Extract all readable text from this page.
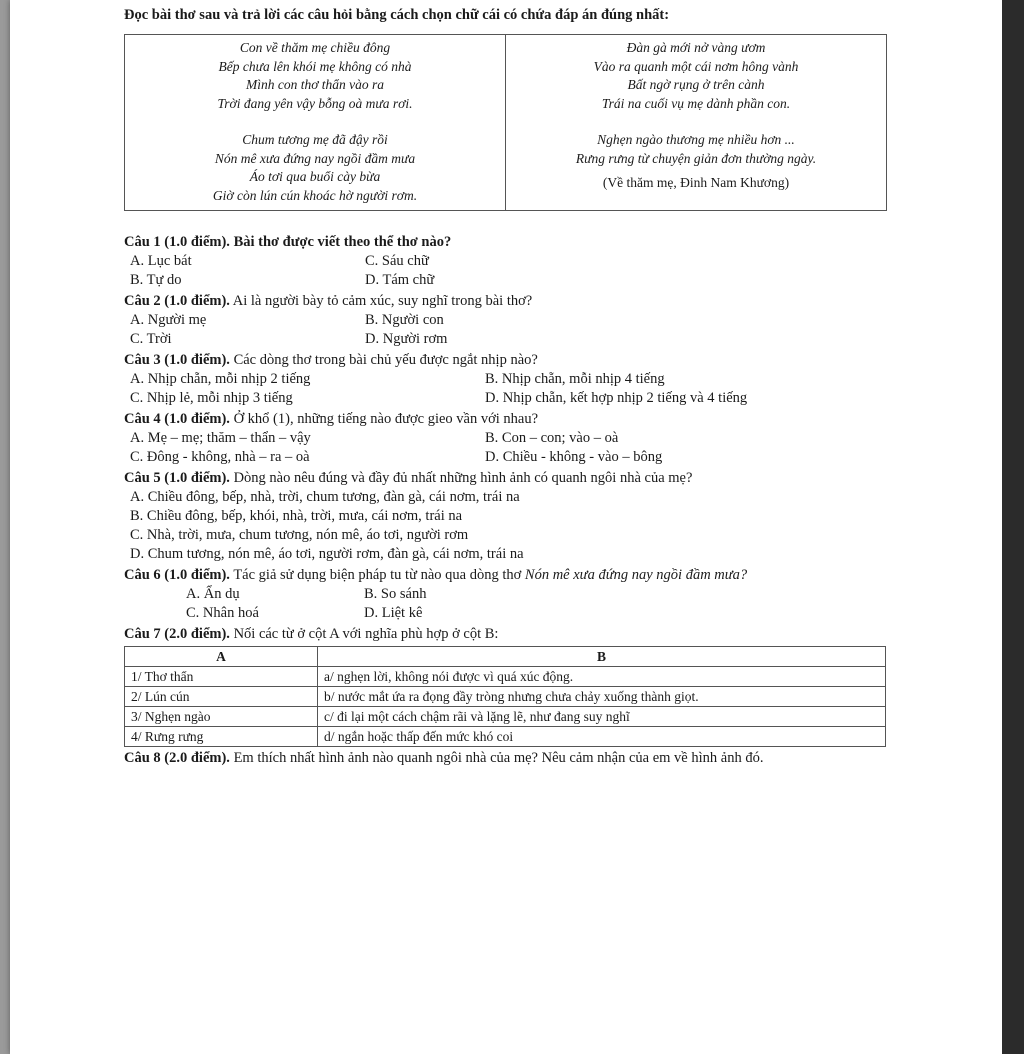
Đọc bài thơ sau và trả lời các câu hỏi bằng cách chọn chữ cái có chứa đáp án đúng nhất:
Con về thăm mẹ chiều đông
Bếp chưa lên khói mẹ không có nhà
Mình con thơ thẩn vào ra
Trời đang yên vậy bỗng oà mưa rơi.
Chum tương mẹ đã đậy rồi
Nón mê xưa đứng nay ngồi đầm mưa
Áo tơi qua buổi cày bừa
Giờ còn lún cún khoác hờ người rơm.

Đàn gà mới nở vàng ươm
Vào ra quanh một cái nơm hông vành
Bất ngờ rụng ở trên cành
Trái na cuối vụ mẹ dành phần con.
Nghẹn ngào thương mẹ nhiều hơn ...
Rưng rưng từ chuyện giản đơn thường ngày.
(Về thăm mẹ, Đinh Nam Khương)
Câu 1 (1.0 điểm). Bài thơ được viết theo thể thơ nào?
A. Lục bát	C. Sáu chữ
B. Tự do	D. Tám chữ
Câu 2 (1.0 điểm). Ai là người bày tỏ cảm xúc, suy nghĩ trong bài thơ?
A. Người mẹ	B. Người con
C. Trời	D. Người rơm
Câu 3 (1.0 điểm). Các dòng thơ trong bài chủ yếu được ngắt nhịp nào?
A. Nhịp chẵn, mỗi nhịp 2 tiếng	B. Nhịp chẵn, mỗi nhịp 4 tiếng
C. Nhịp lẻ, mỗi nhịp 3 tiếng	D. Nhịp chẵn, kết hợp nhịp 2 tiếng và 4 tiếng
Câu 4 (1.0 điểm). Ở khổ (1), những tiếng nào được gieo vần với nhau?
A. Mẹ – mẹ; thăm – thẩn – vậy	B. Con – con; vào – oà
C. Đông - không, nhà – ra – oà	D. Chiều - không - vào – bông
Câu 5 (1.0 điểm). Dòng nào nêu đúng và đầy đủ nhất những hình ảnh có quanh ngôi nhà của mẹ?
A. Chiều đông, bếp, nhà, trời, chum tương, đàn gà, cái nơm, trái na
B. Chiều đông, bếp, khói, nhà, trời, mưa, cái nơm, trái na
C. Nhà, trời, mưa, chum tương, nón mê, áo tơi, người rơm
D. Chum tương, nón mê, áo tơi, người rơm, đàn gà, cái nơm, trái na
Câu 6 (1.0 điểm). Tác giả sử dụng biện pháp tu từ nào qua dòng thơ Nón mê xưa đứng nay ngồi đầm mưa?
A. Ẩn dụ	B. So sánh
C. Nhân hoá	D. Liệt kê
Câu 7 (2.0 điểm). Nối các từ ở cột A với nghĩa phù hợp ở cột B:
A	B
1/ Thơ thẩn	a/ nghẹn lời, không nói được vì quá xúc động.
2/ Lún cún	b/ nước mắt ứa ra đọng đầy tròng nhưng chưa chảy xuống thành giọt.
3/ Nghẹn ngào	c/ đi lại một cách chậm rãi và lặng lẽ, như đang suy nghĩ
4/ Rưng rưng	d/ ngắn hoặc thấp đến mức khó coi
Câu 8 (2.0 điểm). Em thích nhất hình ảnh nào quanh ngôi nhà của mẹ? Nêu cảm nhận của em về hình ảnh đó.
